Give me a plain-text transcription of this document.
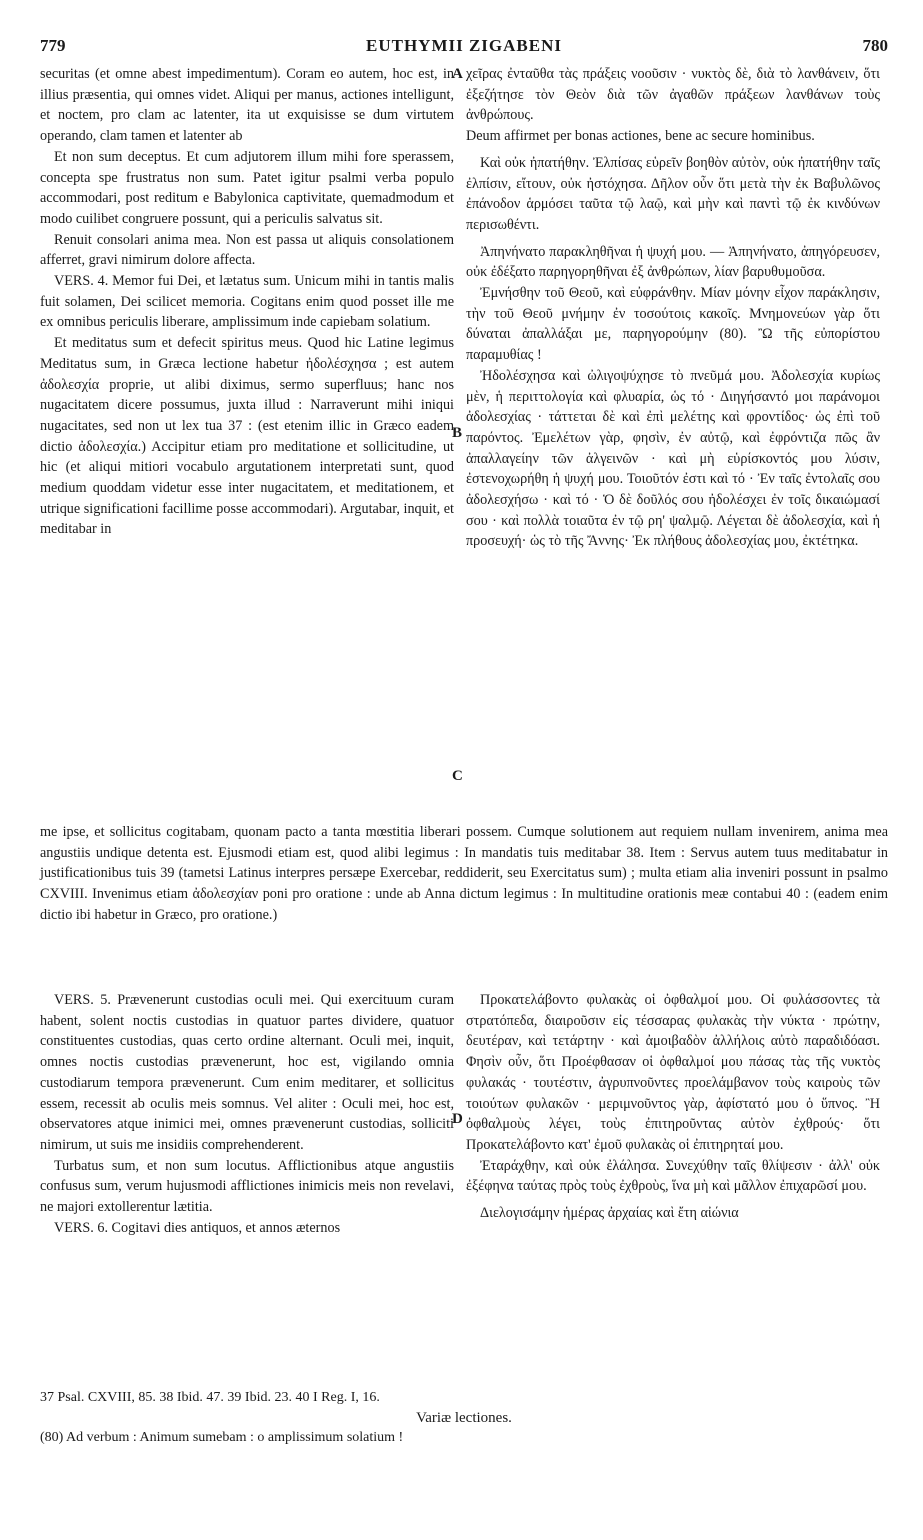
779	EUTHYMII ZIGABENI	780
A
B
C
D

securitas (et omne abest impedimentum). Coram eo autem, hoc est, in illius præsentia, qui omnes videt. Aliqui per manus, actiones intelligunt, et noctem, pro clam ac latenter, ita ut exquisisse se dum virtutem operando, clam tamen et latenter ab

Et non sum deceptus. Et cum adjutorem illum mihi fore sperassem, concepta spe frustratus non sum. Patet igitur psalmi verba populo accommodari, post reditum e Babylonica captivitate, quemadmodum et modo cuilibet congruere possunt, qui a periculis salvatus sit.

Renuit consolari anima mea. Non est passa ut aliquis consolationem afferret, gravi nimirum dolore affecta.

VERS. 4. Memor fui Dei, et lætatus sum. Unicum mihi in tantis malis fuit solamen, Dei scilicet memoria. Cogitans enim quod posset ille me ex omnibus periculis liberare, amplissimum inde capiebam solatium.

Et meditatus sum et defecit spiritus meus. Quod hic Latine legimus Meditatus sum, in Græca lectione habetur ἠδολέσχησα ; est autem ἀδολεσχία proprie, ut alibi diximus, sermo superfluus; hanc nos nugacitatem dicere possumus, juxta illud : Narraverunt mihi iniqui nugacitates, sed non ut lex tua 37 : (est etenim illic in Græco eadem dictio ἀδολεσχία.) Accipitur etiam pro meditatione et sollicitudine, ut hic (et aliqui mitiori vocabulo argutationem interpretati sunt, quod medium quoddam videtur esse inter nugacitatem, et meditationem, et utrique significationi facillime posse accommodari). Argutabar, inquit, et meditabar in

χεῖρας ἐνταῦθα τὰς πράξεις νοοῦσιν · νυκτὸς δὲ, διὰ τὸ λανθάνειν, ὅτι ἐξεζήτησε τὸν Θεὸν διὰ τῶν ἀγαθῶν πράξεων λανθάνων τοὺς ἀνθρώπους.

Deum affirmet per bonas actiones, bene ac secure hominibus.

Καὶ οὐκ ἠπατήθην. Ἐλπίσας εὑρεῖν βοηθὸν αὐτὸν, οὐκ ἠπατήθην ταῖς ἐλπίσιν, εἴτουν, οὐκ ἠστόχησα. Δῆλον οὖν ὅτι μετὰ τὴν ἐκ Βαβυλῶνος ἐπάνοδον ἁρμόσει ταῦτα τῷ λαῷ, καὶ μὴν καὶ παντὶ τῷ ἐκ κινδύνων περισωθέντι.

Ἀπηνήνατο παρακληθῆναι ἡ ψυχή μου. — Ἀπηνήνατο, ἀπηγόρευσεν, οὐκ ἐδέξατο παρηγορηθῆναι ἐξ ἀνθρώπων, λίαν βαρυθυμοῦσα.

Ἐμνήσθην τοῦ Θεοῦ, καὶ εὐφράνθην. Μίαν μόνην εἶχον παράκλησιν, τὴν τοῦ Θεοῦ μνήμην ἐν τοσούτοις κακοῖς. Μνημονεύων γὰρ ὅτι δύναται ἀπαλλάξαι με, παρηγορούμην (80). Ὢ τῆς εὐπορίστου παραμυθίας !

Ἠδολέσχησα καὶ ὠλιγοψύχησε τὸ πνεῦμά μου. Ἀδολεσχία κυρίως μὲν, ἡ περιττολογία καὶ φλυαρία, ὡς τό · Διηγήσαντό μοι παράνομοι ἀδολεσχίας · τάττεται δὲ καὶ ἐπὶ μελέτης καὶ φροντίδος· ὡς ἐπὶ τοῦ παρόντος. Ἐμελέτων γὰρ, φησὶν, ἐν αὐτῷ, καὶ ἐφρόντιζα πῶς ἂν ἀπαλλαγείην τῶν ἀλγεινῶν · καὶ μὴ εὑρίσκοντός μου λύσιν, ἐστενοχωρήθη ἡ ψυχή μου. Τοιοῦτόν ἐστι καὶ τό · Ἐν ταῖς ἐντολαῖς σου ἀδολεσχήσω · καὶ τό · Ὁ δὲ δοῦλός σου ἠδολέσχει ἐν τοῖς δικαιώμασί σου · καὶ πολλὰ τοιαῦτα ἐν τῷ ρη' ψαλμῷ. Λέγεται δὲ ἀδολεσχία, καὶ ἡ προσευχή· ὡς τὸ τῆς Ἄννης· Ἐκ πλήθους ἀδολεσχίας μου, ἐκτέτηκα.

me ipse, et sollicitus cogitabam, quonam pacto a tanta mœstitia liberari possem. Cumque solutionem aut requiem nullam invenirem, anima mea angustiis undique detenta est. Ejusmodi etiam est, quod alibi legimus : In mandatis tuis meditabar 38. Item : Servus autem tuus meditabatur in justificationibus tuis 39 (tametsi Latinus interpres persæpe Exercebar, reddiderit, seu Exercitatus sum) ; multa etiam alia inveniri possunt in psalmo CXVIII. Invenimus etiam ἀδολεσχίαν poni pro oratione : unde ab Anna dictum legimus : In multitudine orationis meæ contabui 40 : (eadem enim dictio ibi habetur in Græco, pro oratione.)

VERS. 5. Prævenerunt custodias oculi mei. Qui exercituum curam habent, solent noctis custodias in quatuor partes dividere, quatuor constituentes custodias, quas certo ordine alternant. Oculi mei, inquit, omnes noctis custodias prævenerunt, hoc est, vigilando omnia custodiarum tempora prævenerunt. Cum enim meditarer, et sollicitus essem, recessit ab oculis meis somnus. Vel aliter : Oculi mei, hoc est, observatores atque inimici mei, omnes prævenerunt custodias, solliciti nimirum, ut suis me insidiis comprehenderent.

Turbatus sum, et non sum locutus. Afflictionibus atque angustiis confusus sum, verum hujusmodi afflictiones inimicis meis non revelavi, ne majori extollerentur lætitia.

VERS. 6. Cogitavi dies antiquos, et annos æternos

Προκατελάβοντο φυλακὰς οἱ ὀφθαλμοί μου. Οἱ φυλάσσοντες τὰ στρατόπεδα, διαιροῦσιν εἰς τέσσαρας φυλακὰς τὴν νύκτα · πρώτην, δευτέραν, καὶ τετάρτην · καὶ ἀμοιβαδὸν ἀλλήλοις αὐτὸ παραδιδόασι. Φησὶν οὖν, ὅτι Προέφθασαν οἱ ὀφθαλμοί μου πάσας τὰς τῆς νυκτὸς φυλακάς · τουτέστιν, ἀγρυπνοῦντες προελάμβανον τοὺς καιροὺς τῶν τοιούτων φυλακῶν · μεριμνοῦντος γὰρ, ἀφίστατό μου ὁ ὕπνος. Ἢ ὀφθαλμοὺς λέγει, τοὺς ἐπιτηροῦντας αὐτὸν ἐχθρούς· ὅτι Προκατελάβοντο κατ' ἐμοῦ φυλακὰς οἱ ἐπιτηρηταί μου.

Ἐταράχθην, καὶ οὐκ ἐλάλησα. Συνεχύθην ταῖς θλίψεσιν · ἀλλ' οὐκ ἐξέφηνα ταύτας πρὸς τοὺς ἐχθροὺς, ἵνα μὴ καὶ μᾶλλον ἐπιχαρῶσί μου.

Διελογισάμην ἡμέρας ἀρχαίας καὶ ἔτη αἰώνια

37 Psal. CXVIII, 85. 38 Ibid. 47. 39 Ibid. 23. 40 I Reg. I, 16.
Variæ lectiones.
(80) Ad verbum : Animum sumebam : o amplissimum solatium !
